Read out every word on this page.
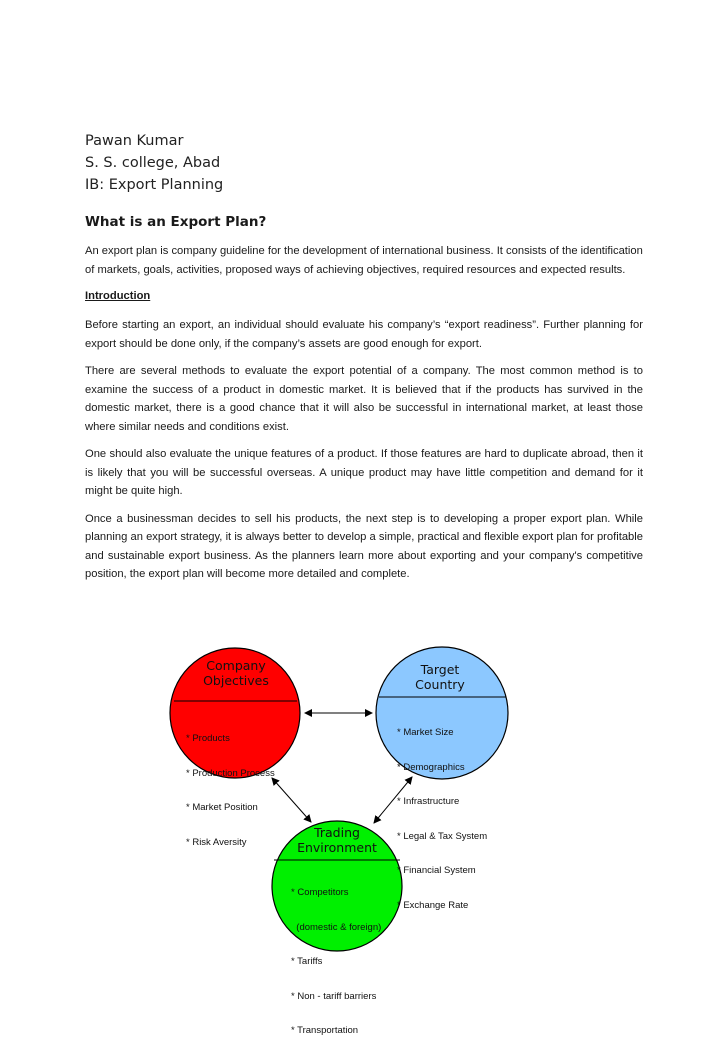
Pawan Kumar
S. S. college, Abad
IB: Export Planning
What is an Export Plan?

An export plan is company guideline for the development of international business. It consists of the identification of markets, goals, activities, proposed ways of achieving objectives, required resources and expected results.

Introduction

Before starting an export, an individual should evaluate his company’s “export readiness”. Further planning for export should be done only, if the company’s assets are good enough for export.

There are several methods to evaluate the export potential of a company. The most common method is to examine the success of a product in domestic market. It is believed that if the products has survived in the domestic market, there is a good chance that it will also be successful in international market, at least those where similar needs and conditions exist.

One should also evaluate the unique features of a product. If those features are hard to duplicate abroad, then it is likely that you will be successful overseas. A unique product may have little competition and demand for it might be quite high.

Once a businessman decides to sell his products, the next step is to developing a proper export plan. While planning an export strategy, it is always better to develop a simple, practical and flexible export plan for profitable and sustainable export business. As the planners learn more about exporting and your company's competitive position, the export plan will become more detailed and complete.

Company
Objectives

* Products

* Production Process

* Market Position

* Risk Aversity

Target
Country

* Market Size

* Demographics

* Infrastructure

* Legal & Tax System

* Financial System

* Exchange Rate

Trading
Environment

* Competitors

(domestic & foreign)

* Tariffs

* Non - tariff barriers

* Transportation
